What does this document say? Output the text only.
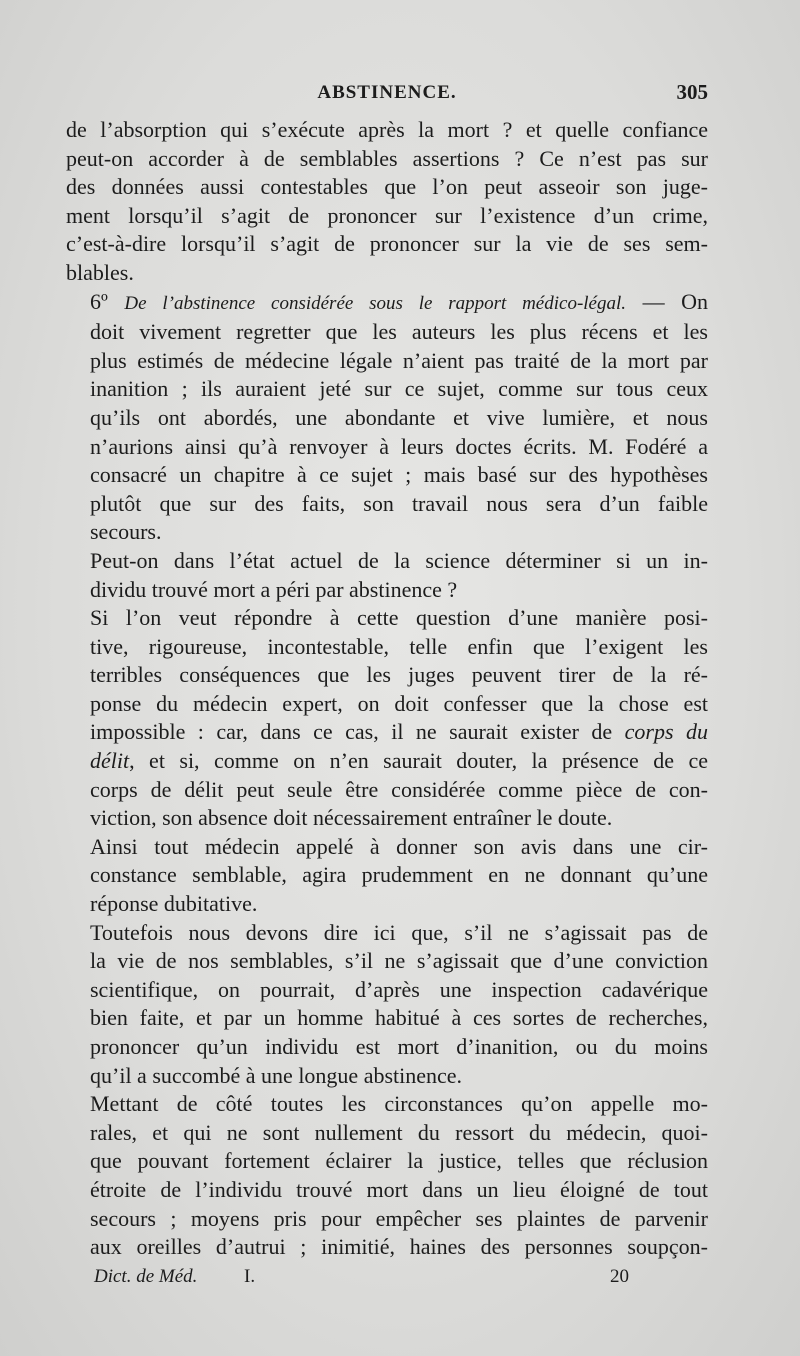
ABSTINENCE.	305

de l’absorption qui s’exécute après la mort ? et quelle confiance
peut-on accorder à de semblables assertions ? Ce n’est pas sur
des données aussi contestables que l’on peut asseoir son juge-
ment lorsqu’il s’agit de prononcer sur l’existence d’un crime,
c’est-à-dire lorsqu’il s’agit de prononcer sur la vie de ses sem-
blables.

6º De l’abstinence considérée sous le rapport médico-légal. — On
doit vivement regretter que les auteurs les plus récens et les
plus estimés de médecine légale n’aient pas traité de la mort par
inanition ; ils auraient jeté sur ce sujet, comme sur tous ceux
qu’ils ont abordés, une abondante et vive lumière, et nous
n’aurions ainsi qu’à renvoyer à leurs doctes écrits. M. Fodéré a
consacré un chapitre à ce sujet ; mais basé sur des hypothèses
plutôt que sur des faits, son travail nous sera d’un faible
secours.

Peut-on dans l’état actuel de la science déterminer si un in-
dividu trouvé mort a péri par abstinence ?

Si l’on veut répondre à cette question d’une manière posi-
tive, rigoureuse, incontestable, telle enfin que l’exigent les
terribles conséquences que les juges peuvent tirer de la ré-
ponse du médecin expert, on doit confesser que la chose est
impossible : car, dans ce cas, il ne saurait exister de corps du
délit, et si, comme on n’en saurait douter, la présence de ce
corps de délit peut seule être considérée comme pièce de con-
viction, son absence doit nécessairement entraîner le doute.

Ainsi tout médecin appelé à donner son avis dans une cir-
constance semblable, agira prudemment en ne donnant qu’une
réponse dubitative.

Toutefois nous devons dire ici que, s’il ne s’agissait pas de
la vie de nos semblables, s’il ne s’agissait que d’une conviction
scientifique, on pourrait, d’après une inspection cadavérique
bien faite, et par un homme habitué à ces sortes de recherches,
prononcer qu’un individu est mort d’inanition, ou du moins
qu’il a succombé à une longue abstinence.

Mettant de côté toutes les circonstances qu’on appelle mo-
rales, et qui ne sont nullement du ressort du médecin, quoi-
que pouvant fortement éclairer la justice, telles que réclusion
étroite de l’individu trouvé mort dans un lieu éloigné de tout
secours ; moyens pris pour empêcher ses plaintes de parvenir
aux oreilles d’autrui ; inimitié, haines des personnes soupçon-

Dict. de Méd. I.	20
